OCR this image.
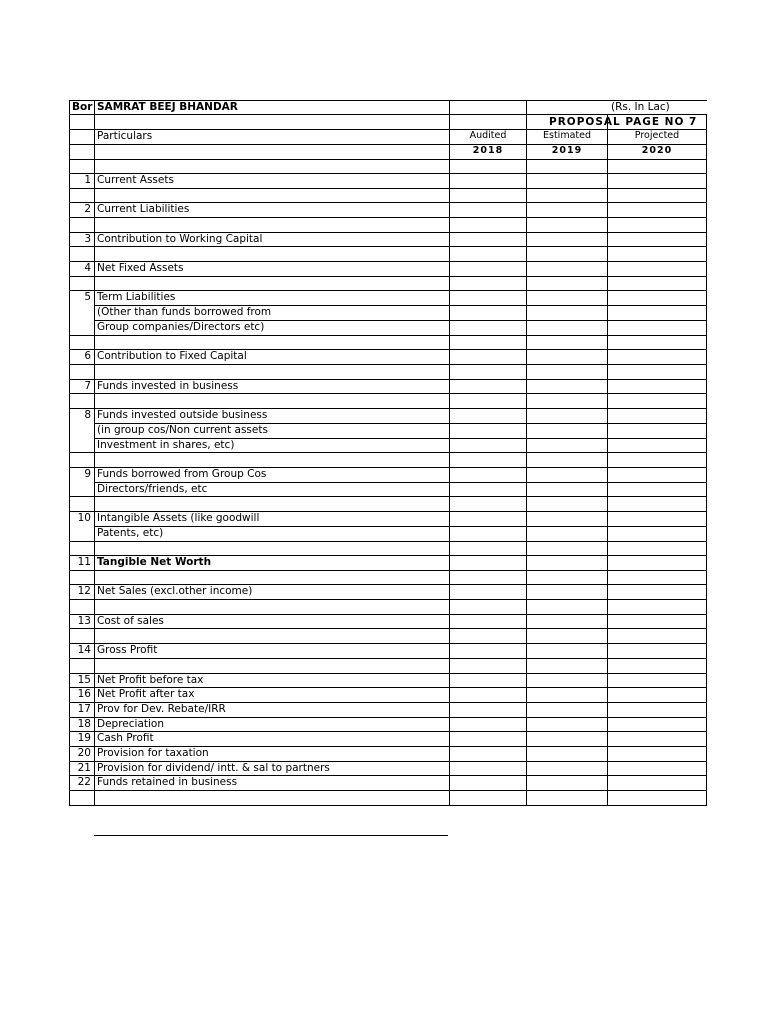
Bor SAMRAT BEEJ BHANDAR	(Rs. In Lac)
PROPOSAL PAGE NO 7
Particulars	Audited	Estimated	Projected
2018	2019	2020
1 Current Assets
2 Current Liabilities
3 Contribution to Working Capital
4 Net Fixed Assets
5 Term Liabilities
(Other than funds borrowed from
Group companies/Directors etc)
6 Contribution to Fixed Capital
7 Funds invested in business
8 Funds invested outside business
(in group cos/Non current assets
Investment in shares, etc)
9 Funds borrowed from Group Cos
Directors/friends, etc
10 Intangible Assets (like goodwill
Patents, etc)
11 Tangible Net Worth
12 Net Sales (excl.other income)
13 Cost of sales
14 Gross Profit
15 Net Profit before tax
16 Net Profit after tax
17 Prov for Dev. Rebate/IRR
18 Depreciation
19 Cash Profit
20 Provision for taxation
21 Provision for dividend/ intt. & sal to partners
22 Funds retained in business
